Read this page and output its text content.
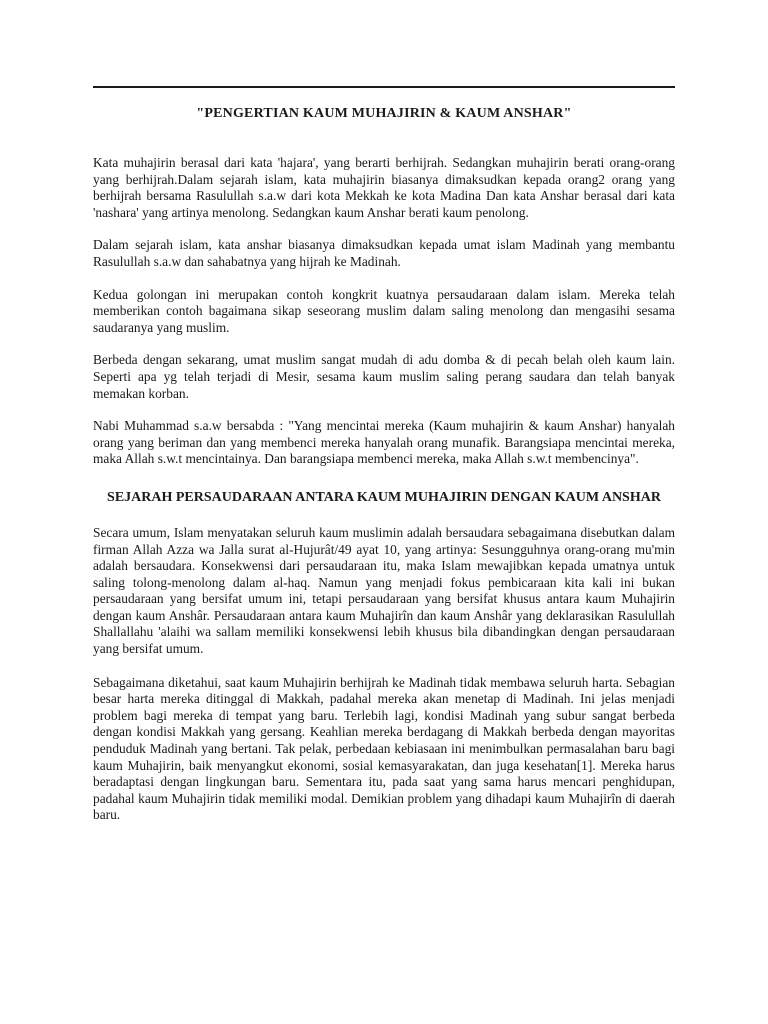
"PENGERTIAN KAUM MUHAJIRIN & KAUM ANSHAR"

Kata muhajirin berasal dari kata 'hajara', yang berarti berhijrah. Sedangkan muhajirin berati orang-orang yang berhijrah.Dalam sejarah islam, kata muhajirin biasanya dimaksudkan kepada orang2 orang yang berhijrah bersama Rasulullah s.a.w dari kota Mekkah ke kota Madina Dan kata Anshar berasal dari kata 'nashara' yang artinya menolong. Sedangkan kaum Anshar berati kaum penolong.

Dalam sejarah islam, kata anshar biasanya dimaksudkan kepada umat islam Madinah yang membantu Rasulullah s.a.w dan sahabatnya yang hijrah ke Madinah.

Kedua golongan ini merupakan contoh kongkrit kuatnya persaudaraan dalam islam. Mereka telah memberikan contoh bagaimana sikap seseorang muslim dalam saling menolong dan mengasihi sesama saudaranya yang muslim.

Berbeda dengan sekarang, umat muslim sangat mudah di adu domba & di pecah belah oleh kaum lain. Seperti apa yg telah terjadi di Mesir, sesama kaum muslim saling perang saudara dan telah banyak memakan korban.

Nabi Muhammad s.a.w bersabda : "Yang mencintai mereka (Kaum muhajirin & kaum Anshar) hanyalah orang yang beriman dan yang membenci mereka hanyalah orang munafik. Barangsiapa mencintai mereka, maka Allah s.w.t mencintainya. Dan barangsiapa membenci mereka, maka Allah s.w.t membencinya".

SEJARAH PERSAUDARAAN ANTARA KAUM MUHAJIRIN DENGAN KAUM ANSHAR

Secara umum, Islam menyatakan seluruh kaum muslimin adalah bersaudara sebagaimana disebutkan dalam firman Allah Azza wa Jalla surat al-Hujurât/49 ayat 10, yang artinya: Sesungguhnya orang-orang mu'min adalah bersaudara. Konsekwensi dari persaudaraan itu, maka Islam mewajibkan kepada umatnya untuk saling tolong-menolong dalam al-haq. Namun yang menjadi fokus pembicaraan kita kali ini bukan persaudaraan yang bersifat umum ini, tetapi persaudaraan yang bersifat khusus antara kaum Muhajirin dengan kaum Anshâr. Persaudaraan antara kaum Muhajirîn dan kaum Anshâr yang deklarasikan Rasulullah Shallallahu 'alaihi wa sallam memiliki konsekwensi lebih khusus bila dibandingkan dengan persaudaraan yang bersifat umum.

Sebagaimana diketahui, saat kaum Muhajirin berhijrah ke Madinah tidak membawa seluruh harta. Sebagian besar harta mereka ditinggal di Makkah, padahal mereka akan menetap di Madinah. Ini jelas menjadi problem bagi mereka di tempat yang baru. Terlebih lagi, kondisi Madinah yang subur sangat berbeda dengan kondisi Makkah yang gersang. Keahlian mereka berdagang di Makkah berbeda dengan mayoritas penduduk Madinah yang bertani. Tak pelak, perbedaan kebiasaan ini menimbulkan permasalahan baru bagi kaum Muhajirin, baik menyangkut ekonomi, sosial kemasyarakatan, dan juga kesehatan[1]. Mereka harus beradaptasi dengan lingkungan baru. Sementara itu, pada saat yang sama harus mencari penghidupan, padahal kaum Muhajirin tidak memiliki modal. Demikian problem yang dihadapi kaum Muhajirîn di daerah baru.
